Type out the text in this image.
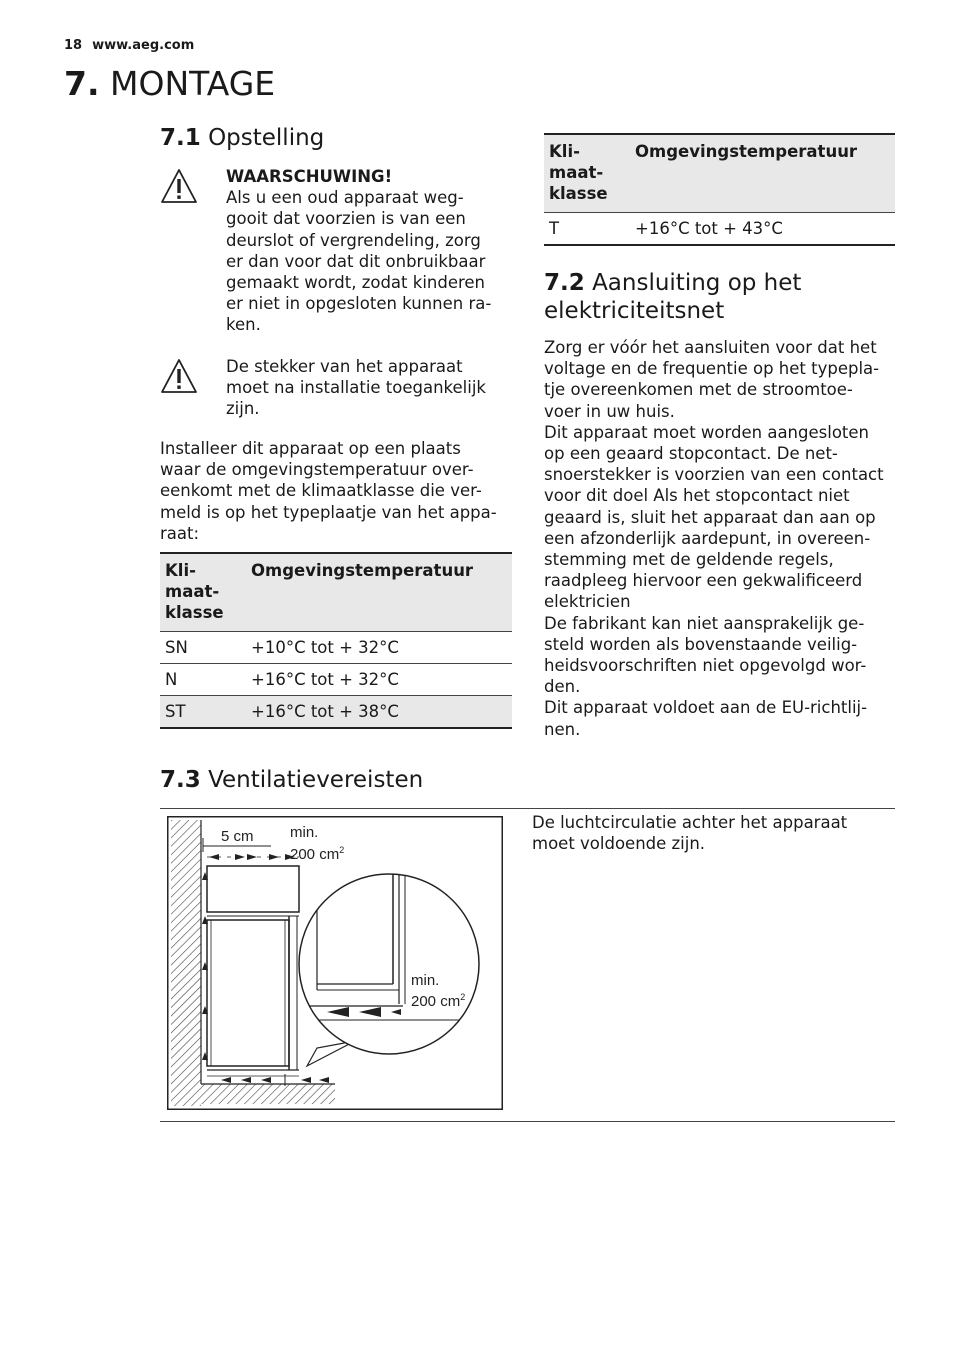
18 www.aeg.com
7. MONTAGE
7.1 Opstelling
WAARSCHUWING!
Als u een oud apparaat weg-
gooit dat voorzien is van een
deurslot of vergrendeling, zorg
er dan voor dat dit onbruikbaar
gemaakt wordt, zodat kinderen
er niet in opgesloten kunnen ra-
ken.
De stekker van het apparaat
moet na installatie toegankelijk
zijn.
Installeer dit apparaat op een plaats
waar de omgevingstemperatuur over-
eenkomt met de klimaatklasse die ver-
meld is op het typeplaatje van het appa-
raat:
Kli-
maat-
klasse	Omgevingstemperatuur
SN	+10°C tot + 32°C
N	+16°C tot + 32°C
ST	+16°C tot + 38°C
Kli-
maat-
klasse	Omgevingstemperatuur
T	+16°C tot + 43°C
7.2 Aansluiting op het
elektriciteitsnet
Zorg er vóór het aansluiten voor dat het
voltage en de frequentie op het typepla-
tje overeenkomen met de stroomtoe-
voer in uw huis.
Dit apparaat moet worden aangesloten
op een geaard stopcontact. De net-
snoerstekker is voorzien van een contact
voor dit doel Als het stopcontact niet
geaard is, sluit het apparaat dan aan op
een afzonderlijk aardepunt, in overeen-
stemming met de geldende regels,
raadpleeg hiervoor een gekwalificeerd
elektricien
De fabrikant kan niet aansprakelijk ge-
steld worden als bovenstaande veilig-
heidsvoorschriften niet opgevolgd wor-
den.
Dit apparaat voldoet aan de EU-richtlij-
nen.
7.3 Ventilatievereisten
De luchtcirculatie achter het apparaat
moet voldoende zijn.
5 cm min.
200 $cm^2$
min.
200 $cm^2$
